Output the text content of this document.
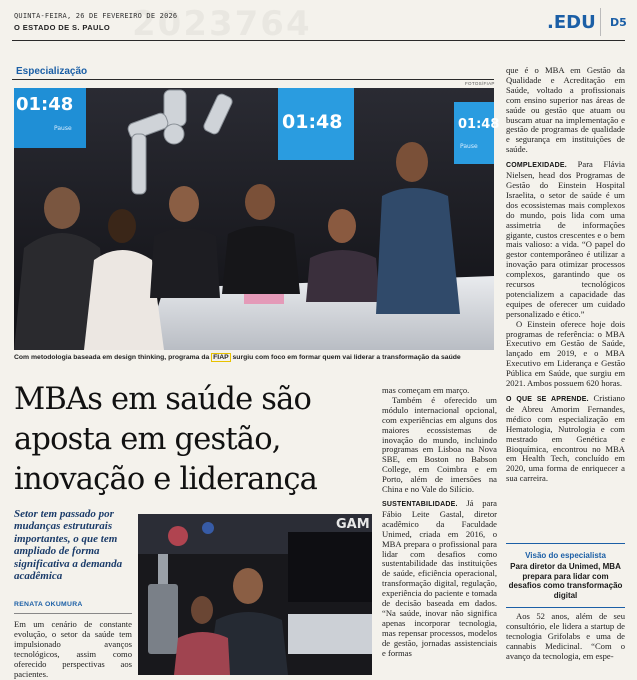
QUINTA-FEIRA, 26 DE FEVEREIRO DE 2026
O ESTADO DE S. PAULO	.EDU D5
Especialização
FOTOS/FIAP
01:48
Pause	01:48	01:48
Pause
Com metodologia baseada em design thinking, programa da FIAP surgiu com foco em formar quem vai liderar a transformação da saúde
MBAs em saúde são
aposta em gestão,
inovação e liderança
Setor tem passado por mudanças estruturais importantes, o que tem ampliado de forma significativa a demanda acadêmica
RENATA OKUMURA

Em um cenário de constante evolução, o setor da saúde tem impulsionado avanços tecnológicos, assim como oferecido perspectivas aos pacientes.

GAM

mas começam em março.

Também é oferecido um módulo internacional opcional, com experiências em alguns dos maiores ecossistemas de inovação do mundo, incluindo programas em Lisboa na Nova SBE, em Boston no Babson College, em Coimbra e em Porto, além de imersões na China e no Vale do Silício.

SUSTENTABILIDADE. Já para Fábio Leite Gastal, diretor acadêmico da Faculdade Unimed, criada em 2016, o MBA prepara o profissional para lidar com desafios como sustentabilidade das instituições de saúde, eficiência operacional, transformação digital, regulação, experiência do paciente e tomada de decisão baseada em dados. “Na saúde, inovar não significa apenas incorporar tecnologia, mas repensar processos, modelos de gestão, jornadas assistenciais e formas

que é o MBA em Gestão da Qualidade e Acreditação em Saúde, voltado a profissionais com ensino superior nas áreas de saúde ou gestão que atuam ou buscam atuar na implementação e gestão de programas de qualidade e segurança em instituições de saúde.

COMPLEXIDADE. Para Flávia Nielsen, head dos Programas de Gestão do Einstein Hospital Israelita, o setor de saúde é um dos ecossistemas mais complexos do mundo, pois lida com uma assimetria de informações gigante, custos crescentes e o bem mais valioso: a vida. “O papel do gestor contemporâneo é utilizar a inovação para otimizar processos complexos, garantindo que os recursos tecnológicos potencializem a capacidade das equipes de oferecer um cuidado personalizado e ético.”

O Einstein oferece hoje dois programas de referência: o MBA Executivo em Gestão de Saúde, lançado em 2019, e o MBA Executivo em Liderança e Gestão Pública em Saúde, que surgiu em 2021. Ambos possuem 620 horas.

O QUE SE APRENDE. Cristiano de Abreu Amorim Fernandes, médico com especialização em Hematologia, Nutrologia e com mestrado em Genética e Bioquímica, encontrou no MBA em Health Tech, concluído em 2020, uma forma de enriquecer a sua carreira.

Visão do especialista
Para diretor da Unimed, MBA prepara para lidar com desafios como transformação digital

Aos 52 anos, além de seu consultório, ele lidera a startup de tecnologia Grifolabs e uma de cannabis Medicinal. “Com o avanço da tecnologia, em espe-
